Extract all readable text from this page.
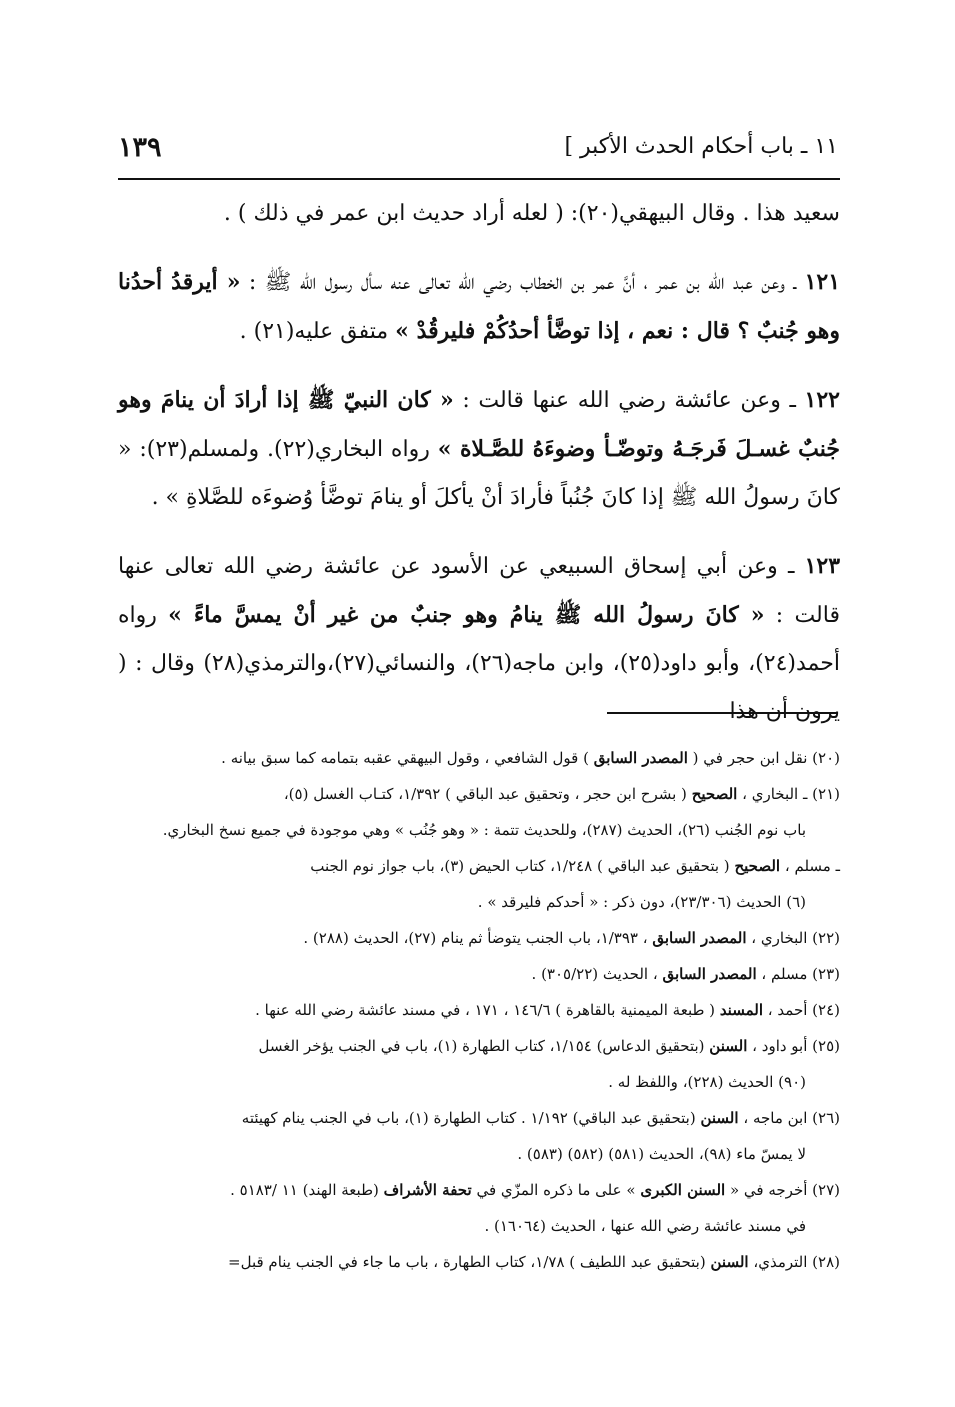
١٣٩	١١ ـ باب أحكام الحدث الأكبر ]

سعيد هذا . وقال البيهقي(٢٠): ( لعله أراد حديث ابن عمر في ذلك ) .

١٢١ ـ وعن عبد الله بن عمر ، أنَّ عمر بن الخطاب رضي الله تعالى عنه سأل رسول الله ﷺ : « أيرقدُ أحدُنا وهو جُنبٌ ؟ قال : نعم ، إذا توضَّأ أحدُكُمْ فليرقُدْ » متفق عليه(٢١) .

١٢٢ ـ وعن عائشة رضي الله عنها قالت : « كان النبيّ ﷺ إذا أرادَ أن ينامَ وهو جُنبٌ غسـلَ فَرجَـهُ وتوضّـأ وضوءَهُ للصَّـلاة » رواه البخاري(٢٢). ولمسلم(٢٣): « كانَ رسولُ الله ﷺ إذا كانَ جُنُباً فأرادَ أنْ يأكلَ أو ينامَ توضَّأ وُضوءَه للصَّلاةِ » .

١٢٣ ـ وعن أبي إسحاق السبيعي عن الأسود عن عائشة رضي الله تعالى عنها قالت : « كانَ رسولُ الله ﷺ ينامُ وهو جنبٌ من غير أنْ يمسَّ ماءً » رواه أحمد(٢٤)، وأبو داود(٢٥)، وابن ماجه(٢٦)، والنسائي(٢٧)،والترمذي(٢٨) وقال : ( يرون أن هذا

(٢٠) نقل ابن حجر في ( المصدر السابق ) قول الشافعي ، وقول البيهقي عقبه بتمامه كما سبق بيانه .

(٢١) ـ البخاري ، الصحيح ( بشرح ابن حجر ، وتحقيق عبد الباقي ) ١/٣٩٢، كتـاب الغسل (٥)،
باب نوم الجُنب (٢٦)، الحديث (٢٨٧)، وللحديث تتمة : « وهو جُنُب » وهي موجودة في جميع نسخ البخاري.

ـ مسلم ، الصحيح ( بتحقيق عبد الباقي ) ١/٢٤٨، كتاب الحيض (٣)، باب جواز نوم الجنب
(٦) الحديث (٢٣/٣٠٦)، دون ذكر : « أحدكم فليرقد » .

(٢٢) البخاري ، المصدر السابق ، ١/٣٩٣، باب الجنب يتوضأ ثم ينام (٢٧)، الحديث (٢٨٨) .

(٢٣) مسلم ، المصدر السابق ، الحديث (٣٠٥/٢٢) .

(٢٤) أحمد ، المسند ( طبعة الميمنية بالقاهرة ) ١٤٦/٦ ، ١٧١ ، في مسند عائشة رضي الله عنها .

(٢٥) أبو داود ، السنن (بتحقيق الدعاس) ١/١٥٤، كتاب الطهارة (١)، باب في الجنب يؤخر الغسل
(٩٠) الحديث (٢٢٨)، واللفظ له .

(٢٦) ابن ماجه ، السنن (بتحقيق عبد الباقي) ١/١٩٢ . كتاب الطهارة (١)، باب في الجنب ينام كهيئته
لا يمسّ ماء (٩٨)، الحديث (٥٨١) (٥٨٢) (٥٨٣) .

(٢٧) أخرجه في « السنن الكبرى » على ما ذكره المزّي في تحفة الأشراف (طبعة الهند) ١١ /٥١٨٣ .
في مسند عائشة رضي الله عنها ، الحديث (١٦٠٦٤) .

(٢٨) الترمذي، السنن (بتحقيق عبد اللطيف ) ١/٧٨، كتاب الطهارة ، باب ما جاء في الجنب ينام قبل=
